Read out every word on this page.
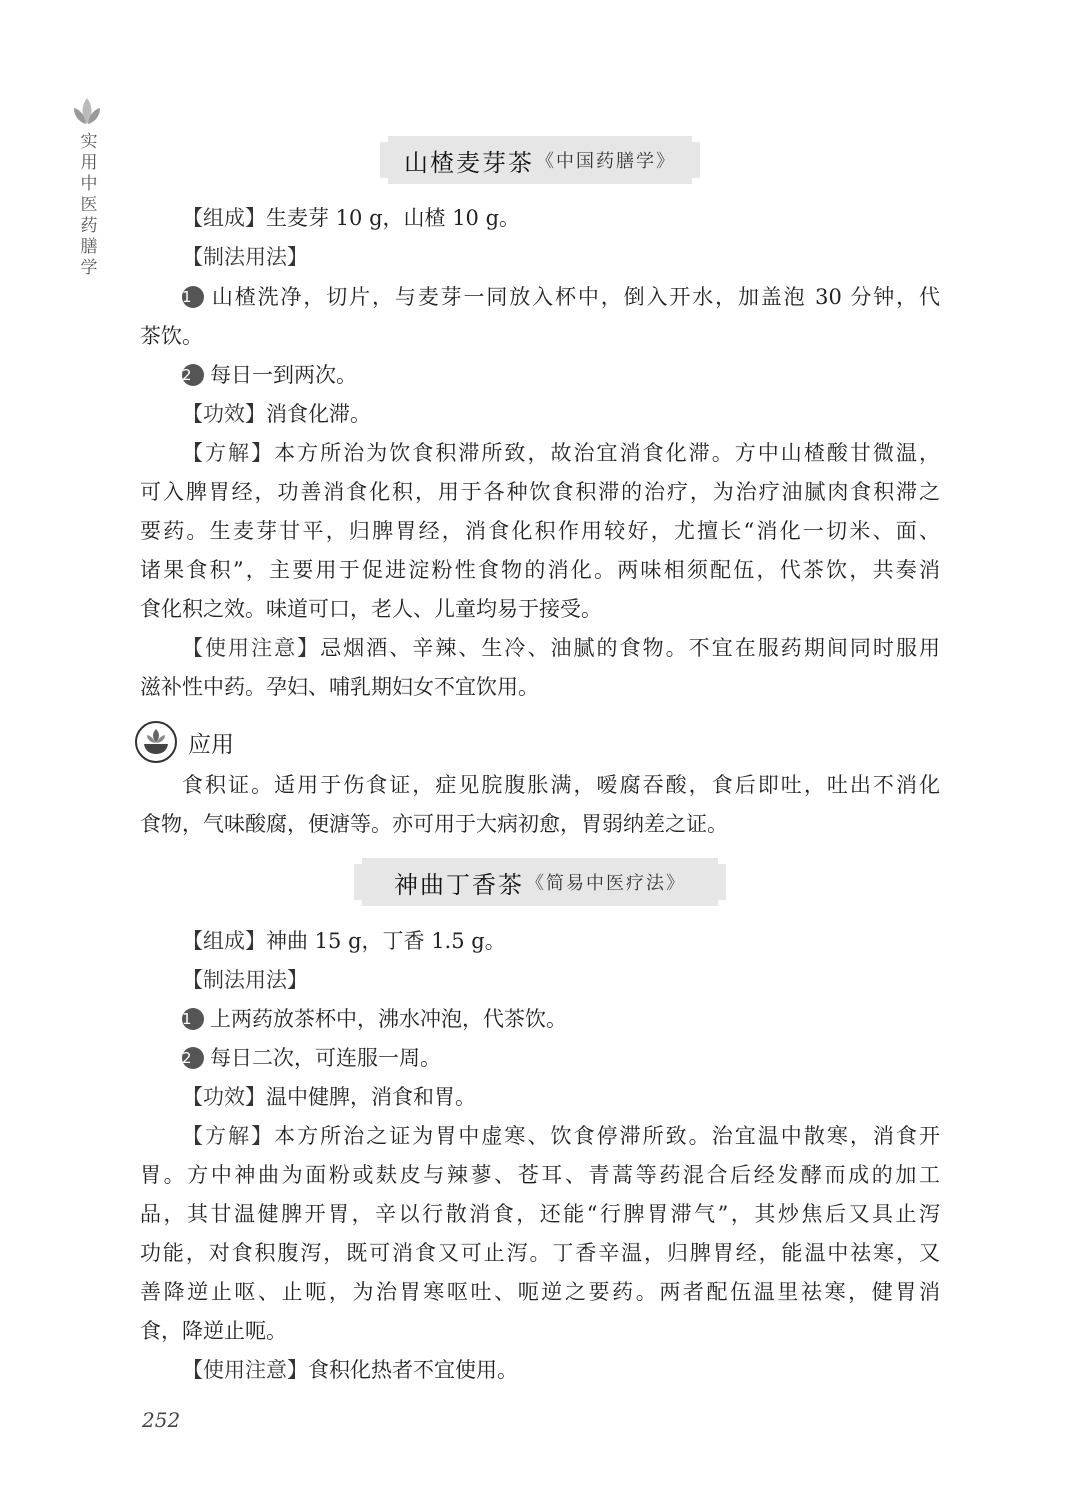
实用中医药膳学	山楂麦芽茶 《中国药膳学》
【组成】生麦芽 10 g，山楂 10 g。
【制法用法】
1 山楂洗净，切片，与麦芽一同放入杯中，倒入开水，加盖泡 30 分钟，代
茶饮。
2 每日一到两次。
【功效】消食化滞。
【方解】本方所治为饮食积滞所致，故治宜消食化滞。方中山楂酸甘微温，
可入脾胃经，功善消食化积，用于各种饮食积滞的治疗，为治疗油腻肉食积滞之
要药。生麦芽甘平，归脾胃经，消食化积作用较好，尤擅长“消化一切米、面、
诸果食积”，主要用于促进淀粉性食物的消化。两味相须配伍，代茶饮，共奏消
食化积之效。味道可口，老人、儿童均易于接受。
【使用注意】忌烟酒、辛辣、生冷、油腻的食物。不宜在服药期间同时服用
滋补性中药。孕妇、哺乳期妇女不宜饮用。
应用
食积证。适用于伤食证，症见脘腹胀满，嗳腐吞酸，食后即吐，吐出不消化
食物，气味酸腐，便溏等。亦可用于大病初愈，胃弱纳差之证。
神曲丁香茶 《简易中医疗法》
【组成】神曲 15 g，丁香 1.5 g。
【制法用法】
1 上两药放茶杯中，沸水冲泡，代茶饮。
2 每日二次，可连服一周。
【功效】温中健脾，消食和胃。
【方解】本方所治之证为胃中虚寒、饮食停滞所致。治宜温中散寒，消食开
胃。方中神曲为面粉或麸皮与辣蓼、苍耳、青蒿等药混合后经发酵而成的加工
品，其甘温健脾开胃，辛以行散消食，还能“行脾胃滞气”，其炒焦后又具止泻
功能，对食积腹泻，既可消食又可止泻。丁香辛温，归脾胃经，能温中祛寒，又
善降逆止呕、止呃，为治胃寒呕吐、呃逆之要药。两者配伍温里祛寒，健胃消
食，降逆止呃。
【使用注意】食积化热者不宜使用。
252
